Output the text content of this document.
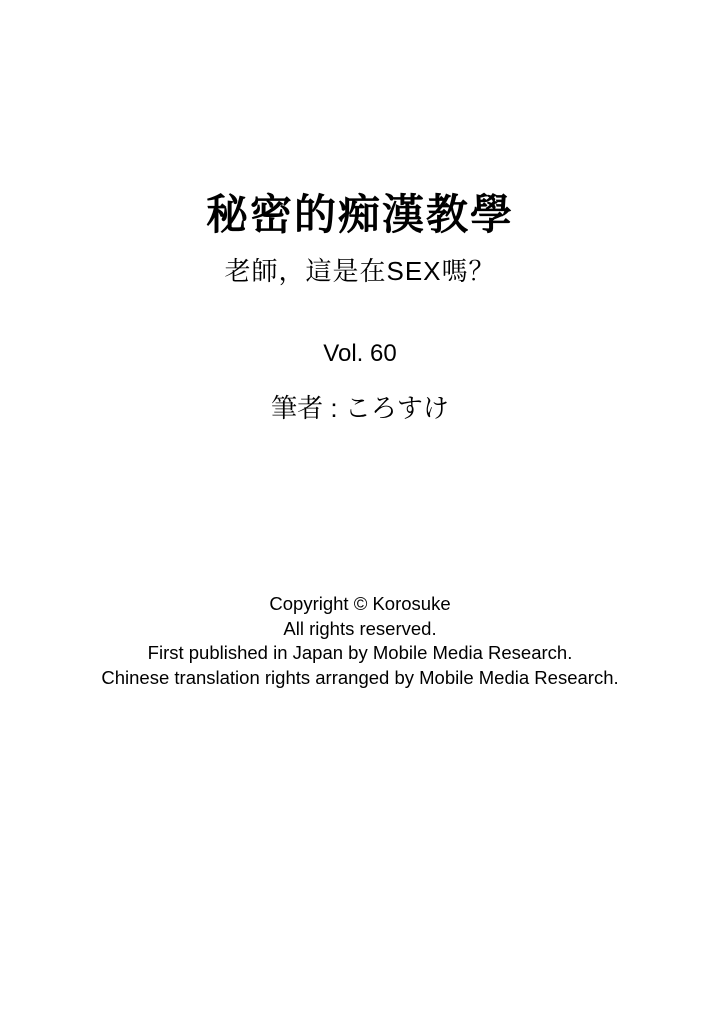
秘密的痴漢教學
老師，這是在SEX嗎？
Vol. 60
筆者 : ころすけ
Copyright © Korosuke
All rights reserved.
First published in Japan by Mobile Media Research.
Chinese translation rights arranged by Mobile Media Research.
